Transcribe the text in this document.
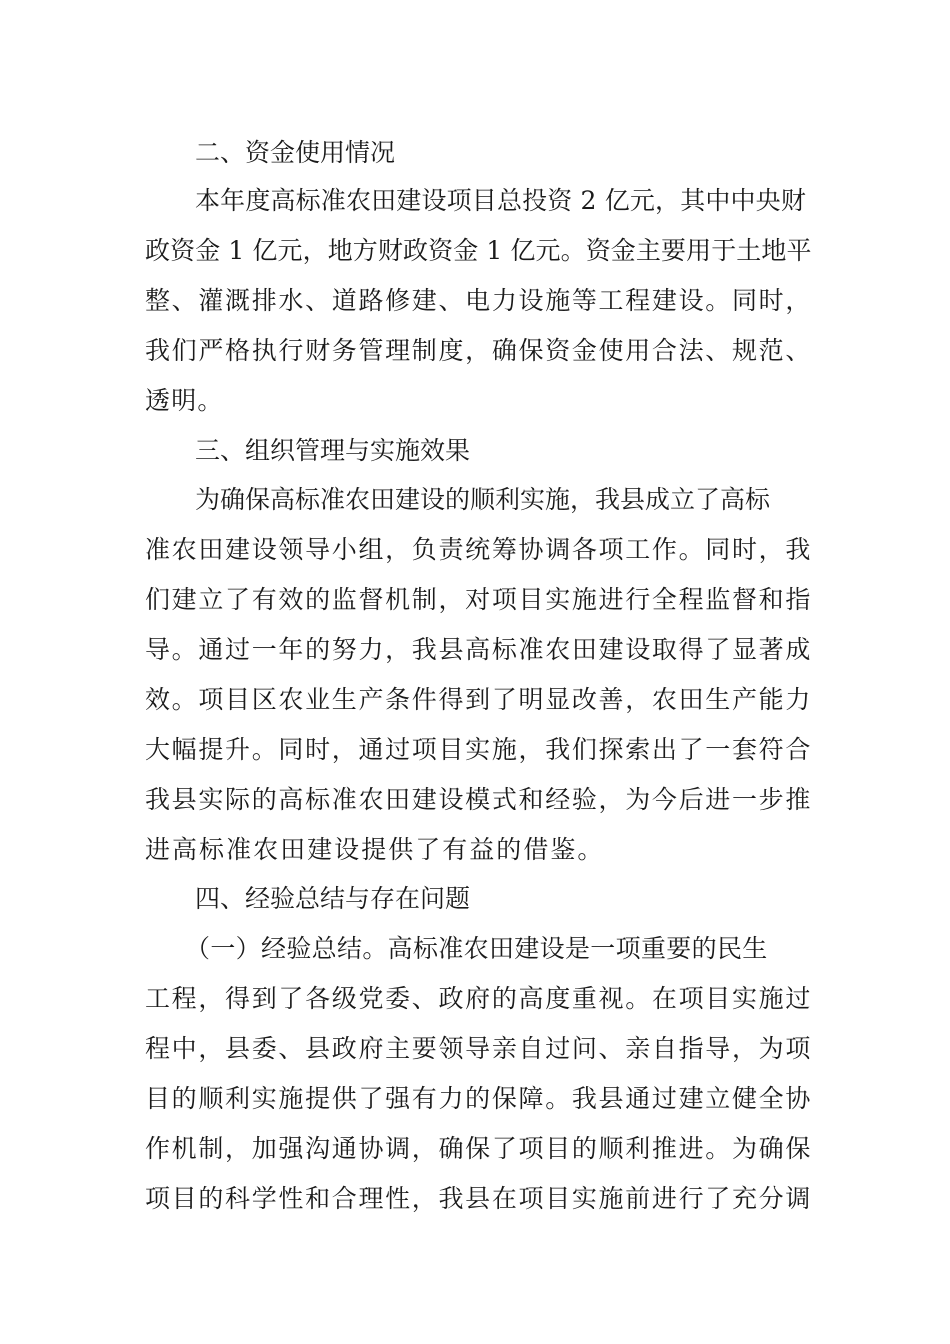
二、资金使用情况
本年度高标准农田建设项目总投资 2 亿元，其中中央财
政资金 1 亿元，地方财政资金 1 亿元。资金主要用于土地平
整、灌溉排水、道路修建、电力设施等工程建设。同时，
我们严格执行财务管理制度，确保资金使用合法、规范、
透明。
三、组织管理与实施效果
为确保高标准农田建设的顺利实施，我县成立了高标
准农田建设领导小组，负责统筹协调各项工作。同时，我
们建立了有效的监督机制，对项目实施进行全程监督和指
导。通过一年的努力，我县高标准农田建设取得了显著成
效。项目区农业生产条件得到了明显改善，农田生产能力
大幅提升。同时，通过项目实施，我们探索出了一套符合
我县实际的高标准农田建设模式和经验，为今后进一步推
进高标准农田建设提供了有益的借鉴。
四、经验总结与存在问题
（一）经验总结。高标准农田建设是一项重要的民生
工程，得到了各级党委、政府的高度重视。在项目实施过
程中，县委、县政府主要领导亲自过问、亲自指导，为项
目的顺利实施提供了强有力的保障。我县通过建立健全协
作机制，加强沟通协调，确保了项目的顺利推进。为确保
项目的科学性和合理性，我县在项目实施前进行了充分调
